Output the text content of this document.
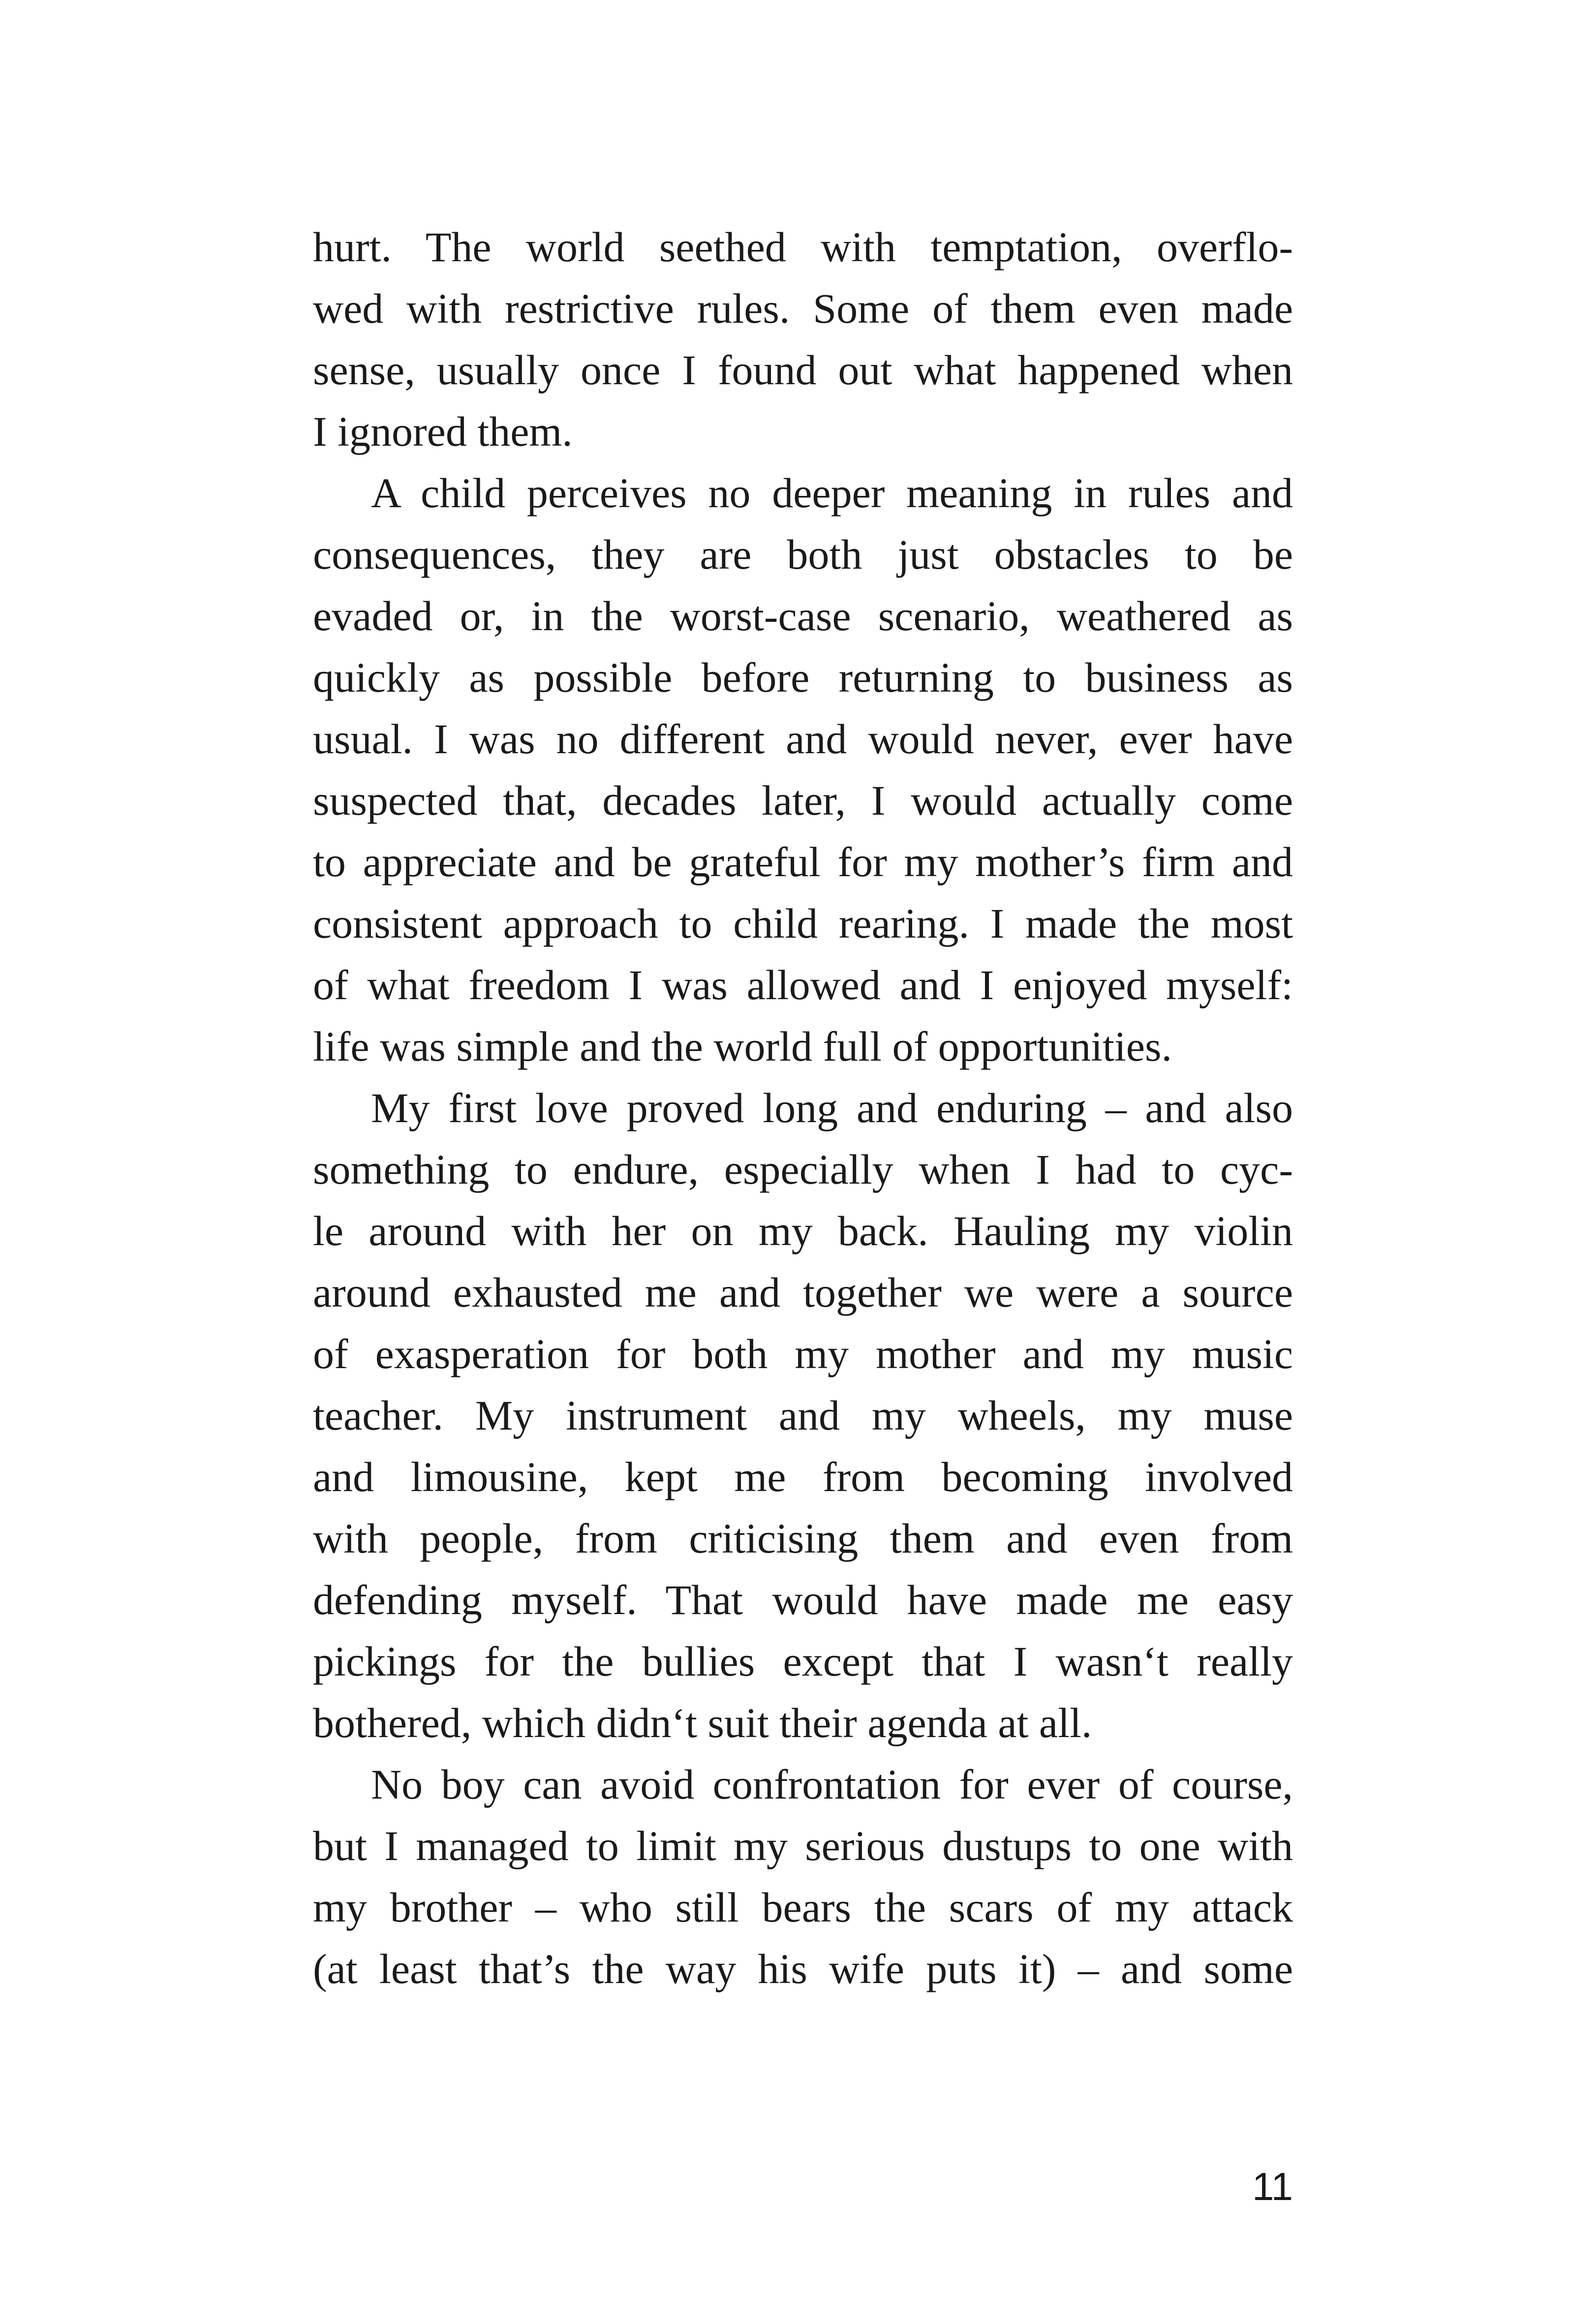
hurt. The world seethed with temptation, overflo-
wed with restrictive rules. Some of them even made
sense, usually once I found out what happened when
I ignored them.
A child perceives no deeper meaning in rules and
consequences, they are both just obstacles to be
evaded or, in the worst-case scenario, weathered as
quickly as possible before returning to business as
usual. I was no different and would never, ever have
suspected that, decades later, I would actually come
to appreciate and be grateful for my mother’s firm and
consistent approach to child rearing. I made the most
of what freedom I was allowed and I enjoyed myself:
life was simple and the world full of opportunities.
My first love proved long and enduring – and also
something to endure, especially when I had to cyc-
le around with her on my back. Hauling my violin
around exhausted me and together we were a source
of exasperation for both my mother and my music
teacher. My instrument and my wheels, my muse
and limousine, kept me from becoming involved
with people, from criticising them and even from
defending myself. That would have made me easy
pickings for the bullies except that I wasn‘t really
bothered, which didn‘t suit their agenda at all.
No boy can avoid confrontation for ever of course,
but I managed to limit my serious dustups to one with
my brother – who still bears the scars of my attack
(at least that’s the way his wife puts it) – and some
11
